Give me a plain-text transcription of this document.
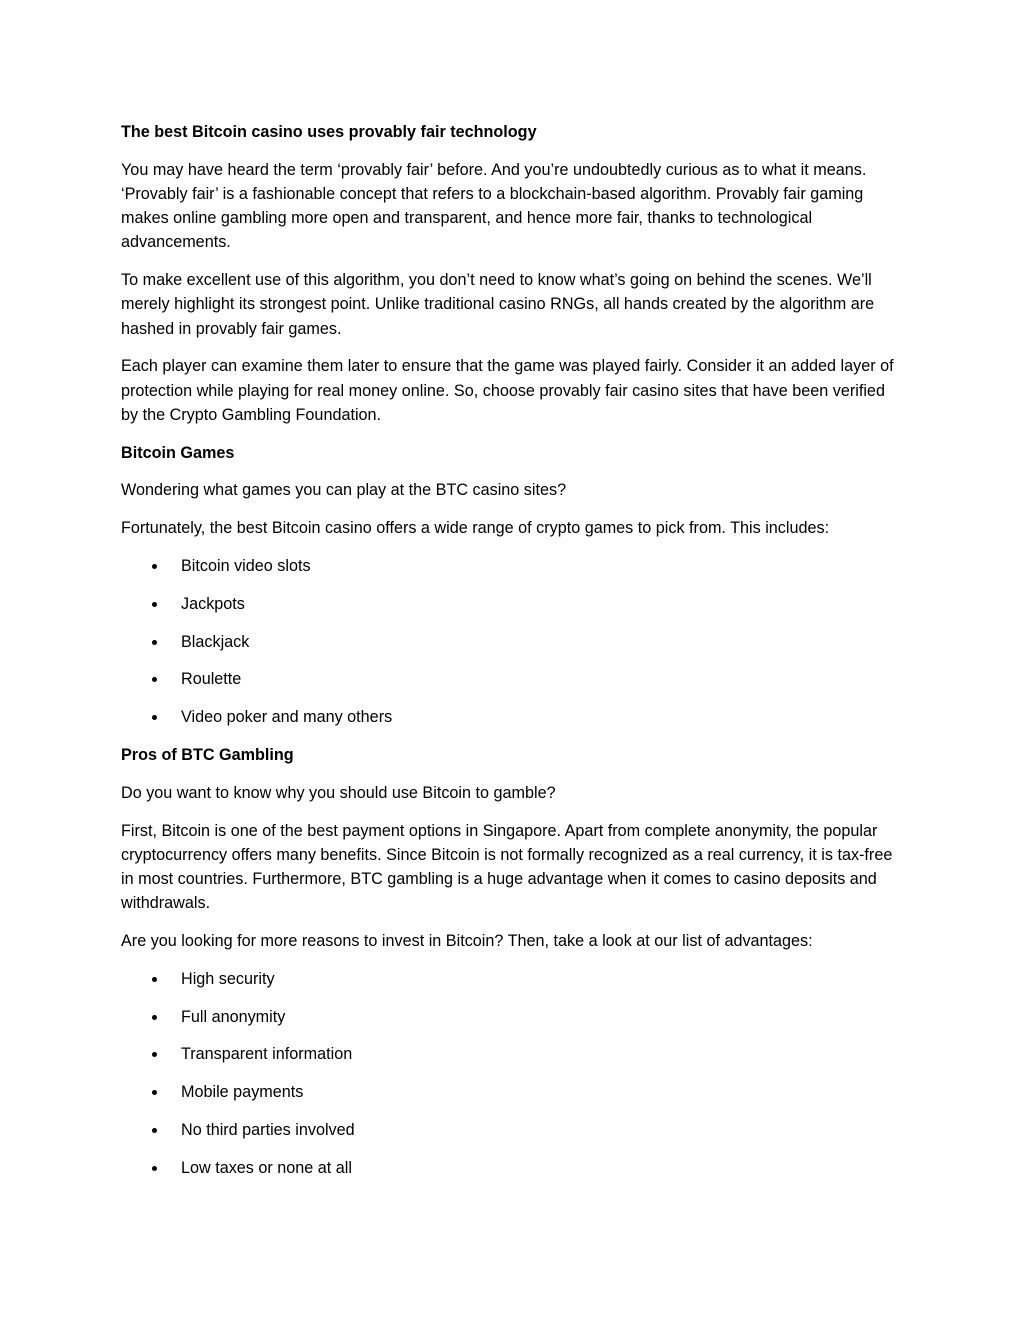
The best Bitcoin casino uses provably fair technology

You may have heard the term ‘provably fair’ before. And you’re undoubtedly curious as to what it means. ‘Provably fair’ is a fashionable concept that refers to a blockchain-based algorithm. Provably fair gaming makes online gambling more open and transparent, and hence more fair, thanks to technological advancements.

To make excellent use of this algorithm, you don’t need to know what’s going on behind the scenes. We’ll merely highlight its strongest point. Unlike traditional casino RNGs, all hands created by the algorithm are hashed in provably fair games.

Each player can examine them later to ensure that the game was played fairly. Consider it an added layer of protection while playing for real money online. So, choose provably fair casino sites that have been verified by the Crypto Gambling Foundation.

Bitcoin Games

Wondering what games you can play at the BTC casino sites?

Fortunately, the best Bitcoin casino offers a wide range of crypto games to pick from. This includes:

Bitcoin video slots
Jackpots
Blackjack
Roulette
Video poker and many others
Pros of BTC Gambling

Do you want to know why you should use Bitcoin to gamble?

First, Bitcoin is one of the best payment options in Singapore. Apart from complete anonymity, the popular cryptocurrency offers many benefits. Since Bitcoin is not formally recognized as a real currency, it is tax-free in most countries. Furthermore, BTC gambling is a huge advantage when it comes to casino deposits and withdrawals.

Are you looking for more reasons to invest in Bitcoin? Then, take a look at our list of advantages:

High security
Full anonymity
Transparent information
Mobile payments
No third parties involved
Low taxes or none at all
